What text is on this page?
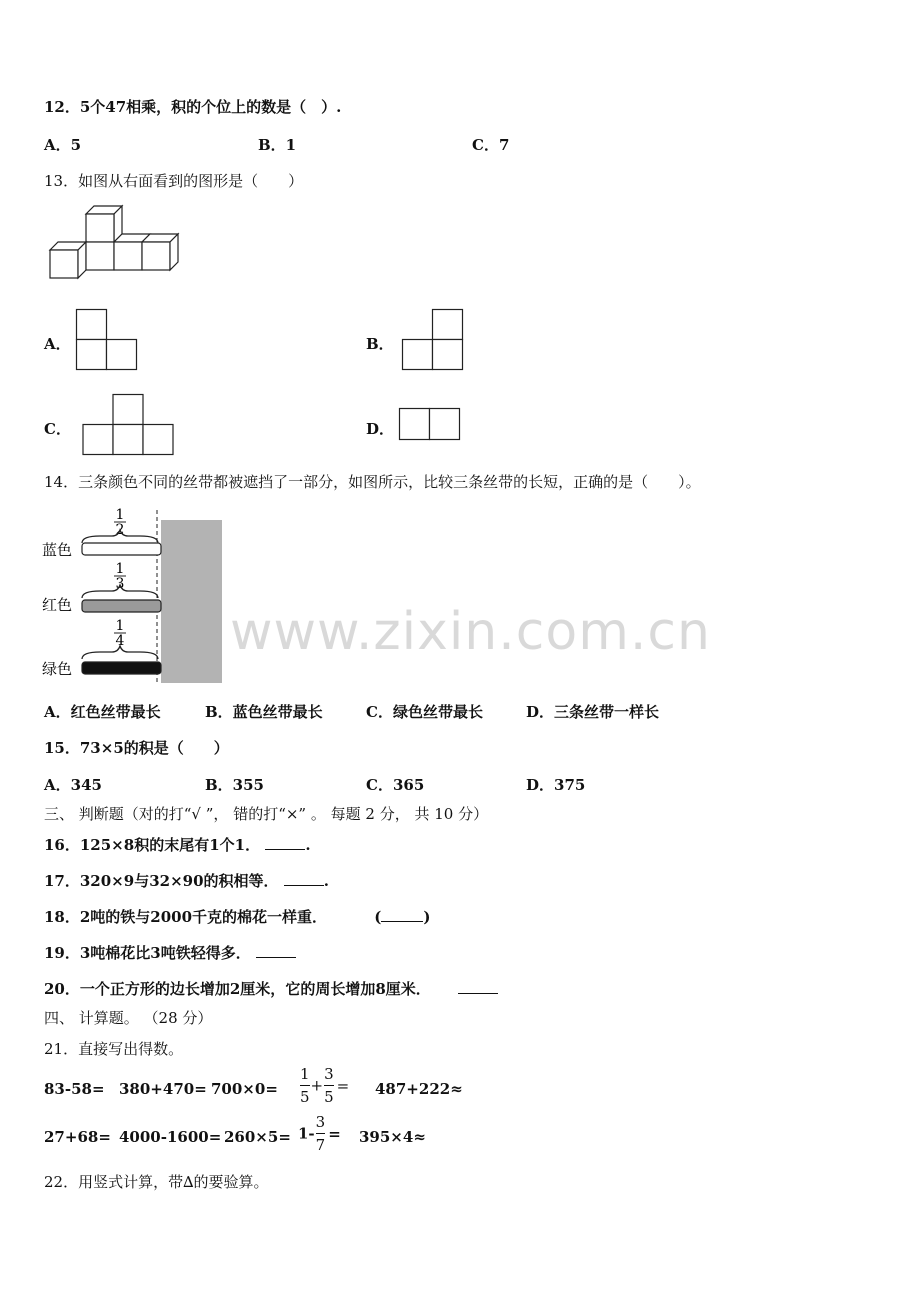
12．5个47相乘，积的个位上的数是（　）.
A．5	B．1	C．7
13．如图从右面看到的图形是（　　）
A．	B．
C．	D．
14．三条颜色不同的丝带都被遮挡了一部分，如图所示，比较三条丝带的长短，正确的是（　　）。
1
2
蓝色
1
3
红色
1
4
绿色
www.zixin.com.cn
A．红色丝带最长	B．蓝色丝带最长	C．绿色丝带最长	D．三条丝带一样长
15．73×5的积是（　　）
A．345	B．355	C．365	D．375
三、 判断题（对的打“√ ”， 错的打“×” 。 每题 2 分， 共 10 分）
16．125×8积的末尾有1个1．	.
17．320×9与32×90的积相等．	.
18．2吨的铁与2000千克的棉花一样重．	(	)
19．3吨棉花比3吨铁轻得多．
20．一个正方形的边长增加2厘米，它的周长增加8厘米．
四、 计算题。 （28 分）
21．直接写出得数。
$83-58= 380+470= 700\times 0= \frac{1}{5} + \frac{3}{5} = 487+222\approx$
$27+68= 4000-1600= 260\times 5= 1- \frac{3}{7} = 395\times 4\approx$
22．用竖式计算，带∆的要验算。
